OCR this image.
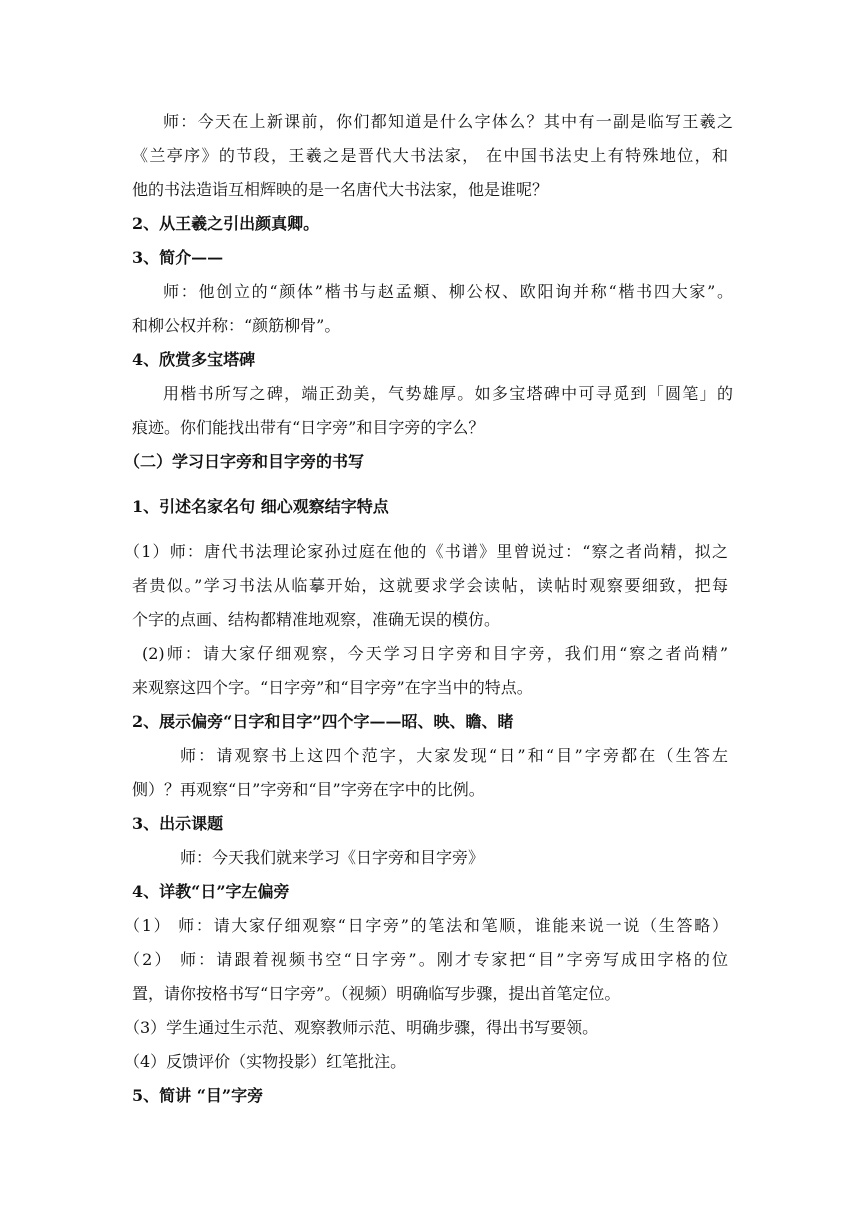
师：今天在上新课前，你们都知道是什么字体么？其中有一副是临写王羲之
《兰亭序》的节段，王羲之是晋代大书法家， 在中国书法史上有特殊地位，和
他的书法造诣互相辉映的是一名唐代大书法家，他是谁呢？
2、从王羲之引出颜真卿。
3、简介——
师：他创立的“颜体”楷书与赵孟頫、柳公权、欧阳询并称“楷书四大家”。
和柳公权并称：“颜筋柳骨”。
4、欣赏多宝塔碑
用楷书所写之碑，端正劲美，气势雄厚。如多宝塔碑中可寻觅到「圆笔」的
痕迹。你们能找出带有“日字旁”和目字旁的字么？
（二）学习日字旁和目字旁的书写
1、引述名家名句 细心观察结字特点
（1）师：唐代书法理论家孙过庭在他的《书谱》里曾说过：“察之者尚精，拟之
者贵似。”学习书法从临摹开始，这就要求学会读帖，读帖时观察要细致，把每
个字的点画、结构都精准地观察，准确无误的模仿。
(2)师：请大家仔细观察，今天学习日字旁和目字旁，我们用“察之者尚精”
来观察这四个字。“日字旁”和“目字旁”在字当中的特点。
2、展示偏旁“日字和目字”四个字——昭、映、瞻、睹
师：请观察书上这四个范字，大家发现“日”和“目”字旁都在（生答左
侧）？再观察“日”字旁和“目”字旁在字中的比例。
3、出示课题
师：今天我们就来学习《日字旁和目字旁》
4、详教“日”字左偏旁
（1） 师：请大家仔细观察“日字旁”的笔法和笔顺，谁能来说一说（生答略）
（2） 师：请跟着视频书空“日字旁”。刚才专家把“目”字旁写成田字格的位
置，请你按格书写“日字旁”。（视频）明确临写步骤，提出首笔定位。
（3）学生通过生示范、观察教师示范、明确步骤，得出书写要领。
（4）反馈评价（实物投影）红笔批注。
5、简讲 “目”字旁
